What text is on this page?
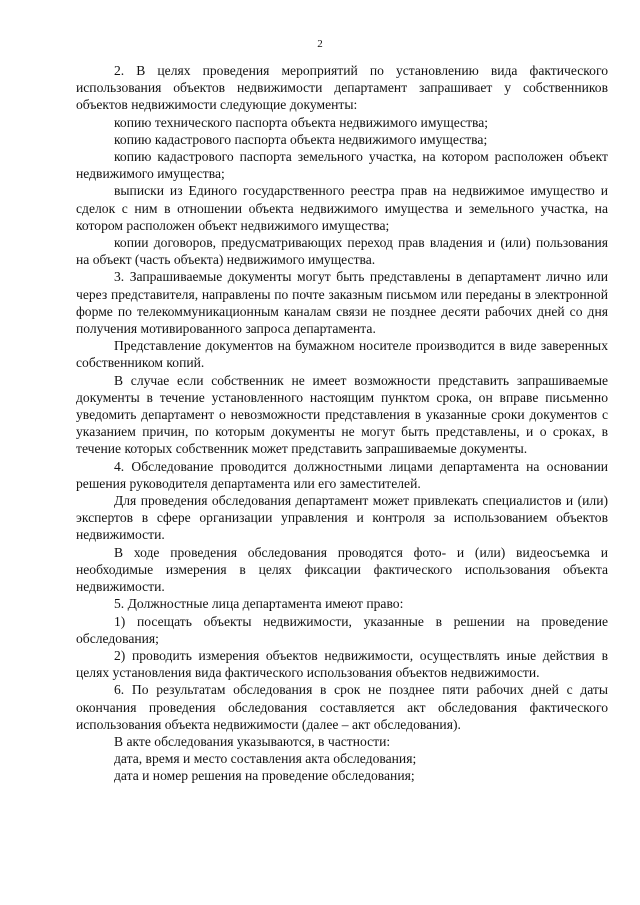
2

2. В целях проведения мероприятий по установлению вида фактического использования объектов недвижимости департамент запрашивает у собственников объектов недвижимости следующие документы:

копию технического паспорта объекта недвижимого имущества;

копию кадастрового паспорта объекта недвижимого имущества;

копию кадастрового паспорта земельного участка, на котором расположен объект недвижимого имущества;

выписки из Единого государственного реестра прав на недвижимое имущество и сделок с ним в отношении объекта недвижимого имущества и земельного участка, на котором расположен объект недвижимого имущества;

копии договоров, предусматривающих переход прав владения и (или) пользования на объект (часть объекта) недвижимого имущества.

3. Запрашиваемые документы могут быть представлены в департамент лично или через представителя, направлены по почте заказным письмом или переданы в электронной форме по телекоммуникационным каналам связи не позднее десяти рабочих дней со дня получения мотивированного запроса департамента.

Представление документов на бумажном носителе производится в виде заверенных собственником копий.

В случае если собственник не имеет возможности представить запрашиваемые документы в течение установленного настоящим пунктом срока, он вправе письменно уведомить департамент о невозможности представления в указанные сроки документов с указанием причин, по которым документы не могут быть представлены, и о сроках, в течение которых собственник может представить запрашиваемые документы.

4. Обследование проводится должностными лицами департамента на основании решения руководителя департамента или его заместителей.

Для проведения обследования департамент может привлекать специалистов и (или) экспертов в сфере организации управления и контроля за использованием объектов недвижимости.

В ходе проведения обследования проводятся фото- и (или) видеосъемка и необходимые измерения в целях фиксации фактического использования объекта недвижимости.

5. Должностные лица департамента имеют право:

1) посещать объекты недвижимости, указанные в решении на проведение обследования;

2) проводить измерения объектов недвижимости, осуществлять иные действия в целях установления вида фактического использования объектов недвижимости.

6. По результатам обследования в срок не позднее пяти рабочих дней с даты окончания проведения обследования составляется акт обследования фактического использования объекта недвижимости (далее – акт обследования).

В акте обследования указываются, в частности:

дата, время и место составления акта обследования;

дата и номер решения на проведение обследования;
